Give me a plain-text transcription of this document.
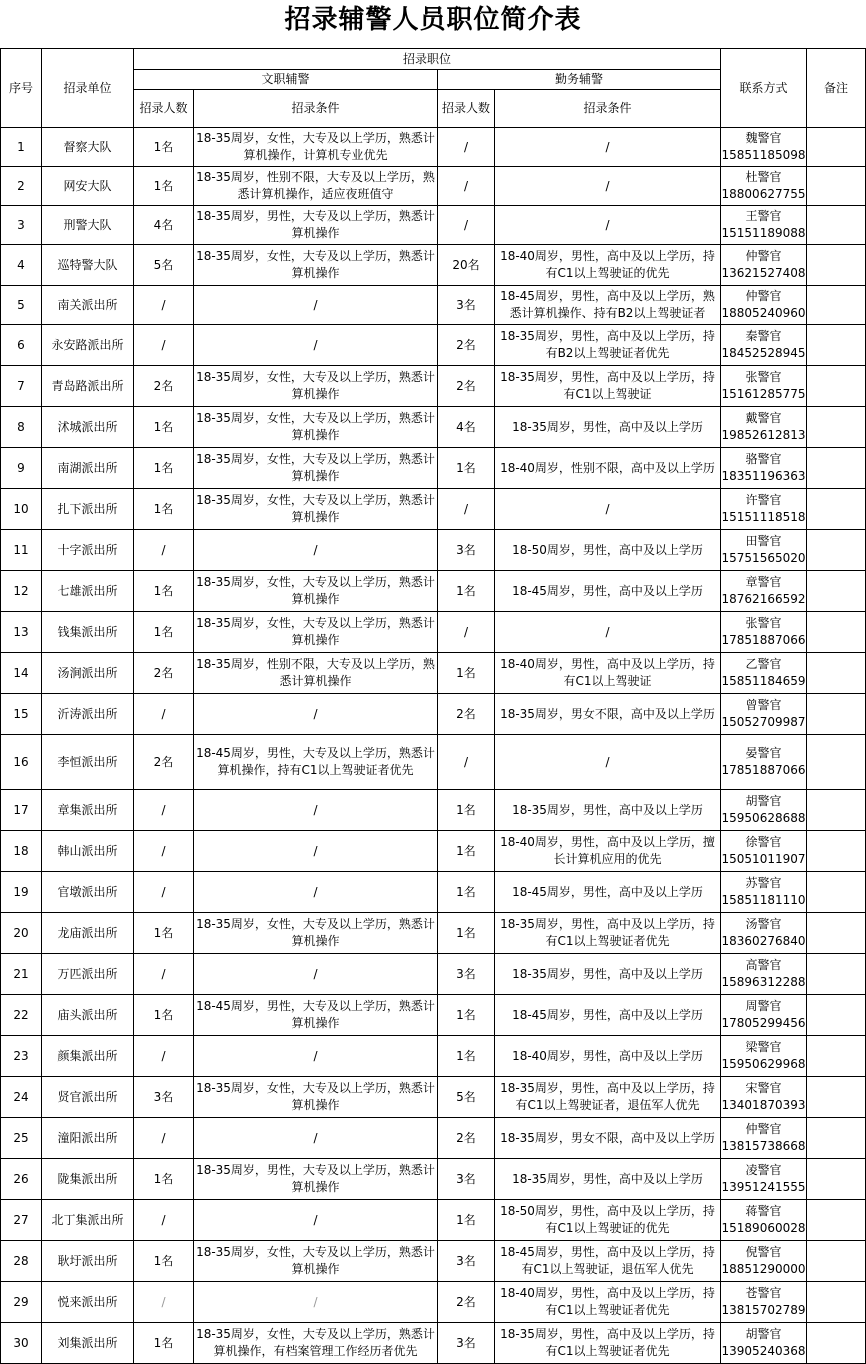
招录辅警人员职位简介表
序号	招录单位	招录职位				联系方式	备注
		文职辅警		勤务辅警			
		招录人数	招录条件	招录人数	招录条件		
1	督察大队	1名	18-35周岁，女性，大专及以上学历，熟悉计算机操作，计算机专业优先	/	/	魏警官
15851185098	

2	网安大队	1名	18-35周岁，性别不限，大专及以上学历，熟悉计算机操作，适应夜班值守	/	/	杜警官
18800627755	

3	刑警大队	4名	18-35周岁，男性，大专及以上学历，熟悉计算机操作	/	/	王警官
15151189088	

4	巡特警大队	5名	18-35周岁，女性，大专及以上学历，熟悉计算机操作	20名	18-40周岁，男性，高中及以上学历，持有C1以上驾驶证的优先	仲警官
13621527408	

5	南关派出所	/	/	3名	18-45周岁，男性，高中及以上学历，熟悉计算机操作、持有B2以上驾驶证者	仲警官
18805240960	

6	永安路派出所	/	/	2名	18-35周岁，男性，高中及以上学历，持有B2以上驾驶证者优先	秦警官
18452528945	

7	青岛路派出所	2名	18-35周岁，女性，大专及以上学历，熟悉计算机操作	2名	18-35周岁，男性，高中及以上学历，持有C1以上驾驶证	张警官
15161285775	

8	沭城派出所	1名	18-35周岁，女性，大专及以上学历，熟悉计算机操作	4名	18-35周岁，男性，高中及以上学历	戴警官
19852612813	

9	南湖派出所	1名	18-35周岁，女性，大专及以上学历，熟悉计算机操作	1名	18-40周岁，性别不限，高中及以上学历	骆警官
18351196363	

10	扎下派出所	1名	18-35周岁，女性，大专及以上学历，熟悉计算机操作	/	/	许警官
15151118518	

11	十字派出所	/	/	3名	18-50周岁，男性，高中及以上学历	田警官
15751565020	

12	七雄派出所	1名	18-35周岁，女性，大专及以上学历，熟悉计算机操作	1名	18-45周岁，男性，高中及以上学历	章警官
18762166592	

13	钱集派出所	1名	18-35周岁，女性，大专及以上学历，熟悉计算机操作	/	/	张警官
17851887066	

14	汤涧派出所	2名	18-35周岁，性别不限，大专及以上学历，熟悉计算机操作	1名	18-40周岁，男性，高中及以上学历，持有C1以上驾驶证	乙警官
15851184659	

15	沂涛派出所	/	/	2名	18-35周岁，男女不限，高中及以上学历	曾警官
15052709987	

16	李恒派出所	2名	18-45周岁，男性，大专及以上学历，熟悉计算机操作，持有C1以上驾驶证者优先	/	/	晏警官
17851887066	

17	章集派出所	/	/	1名	18-35周岁，男性，高中及以上学历	胡警官
15950628688	

18	韩山派出所	/	/	1名	18-40周岁，男性，高中及以上学历，擅长计算机应用的优先	徐警官
15051011907	

19	官墩派出所	/	/	1名	18-45周岁，男性，高中及以上学历	苏警官
15851181110	

20	龙庙派出所	1名	18-35周岁，女性，大专及以上学历，熟悉计算机操作	1名	18-35周岁，男性，高中及以上学历，持有C1以上驾驶证者优先	汤警官
18360276840	

21	万匹派出所	/	/	3名	18-35周岁，男性，高中及以上学历	高警官
15896312288	

22	庙头派出所	1名	18-45周岁，男性，大专及以上学历，熟悉计算机操作	1名	18-45周岁，男性，高中及以上学历	周警官
17805299456	

23	颜集派出所	/	/	1名	18-40周岁，男性，高中及以上学历	梁警官
15950629968	

24	贤官派出所	3名	18-35周岁，女性，大专及以上学历，熟悉计算机操作	5名	18-35周岁，男性，高中及以上学历，持有C1以上驾驶证者，退伍军人优先	宋警官
13401870393	

25	潼阳派出所	/	/	2名	18-35周岁，男女不限，高中及以上学历	仲警官
13815738668	

26	陇集派出所	1名	18-35周岁，男性，大专及以上学历，熟悉计算机操作	3名	18-35周岁，男性，高中及以上学历	凌警官
13951241555	

27	北丁集派出所	/	/	1名	18-50周岁，男性，高中及以上学历，持有C1以上驾驶证的优先	蒋警官
15189060028	

28	耿圩派出所	1名	18-35周岁，女性，大专及以上学历，熟悉计算机操作	3名	18-45周岁，男性，高中及以上学历，持有C1以上驾驶证，退伍军人优先	倪警官
18851290000	

29	悦来派出所	/	/	2名	18-40周岁，男性，高中及以上学历，持有C1以上驾驶证者优先	苍警官
13815702789	

30	刘集派出所	1名	18-35周岁，女性，大专及以上学历，熟悉计算机操作，有档案管理工作经历者优先	3名	18-35周岁，男性，高中及以上学历，持有C1以上驾驶证者优先	胡警官
13905240368	
